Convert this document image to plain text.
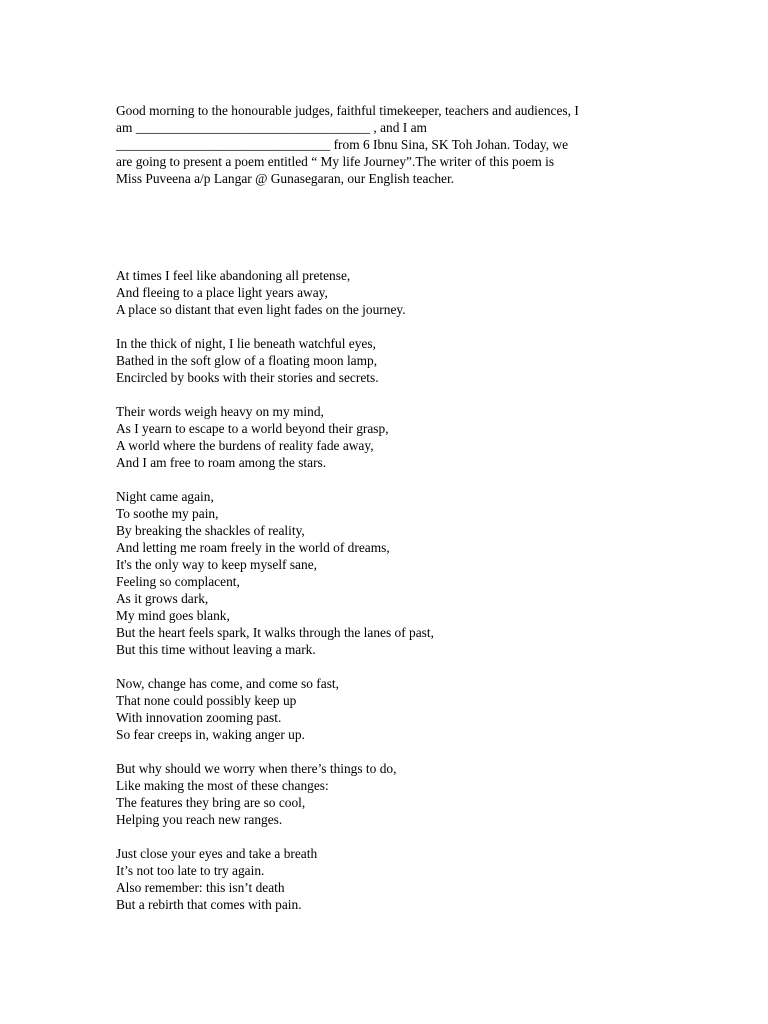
Good morning to the honourable judges, faithful timekeeper, teachers and audiences, I
am ___________________________________ , and I am
________________________________ from 6 Ibnu Sina, SK Toh Johan. Today, we
are going to present a poem entitled “ My life Journey”.The writer of this poem is
Miss Puveena a/p Langar @ Gunasegaran, our English teacher.
At times I feel like abandoning all pretense,
And fleeing to a place light years away,
A place so distant that even light fades on the journey.
In the thick of night, I lie beneath watchful eyes,
Bathed in the soft glow of a floating moon lamp,
Encircled by books with their stories and secrets.
Their words weigh heavy on my mind,
As I yearn to escape to a world beyond their grasp,
A world where the burdens of reality fade away,
And I am free to roam among the stars.
Night came again,
To soothe my pain,
By breaking the shackles of reality,
And letting me roam freely in the world of dreams,
It's the only way to keep myself sane,
Feeling so complacent,
As it grows dark,
My mind goes blank,
But the heart feels spark, It walks through the lanes of past,
But this time without leaving a mark.
Now, change has come, and come so fast,
That none could possibly keep up
With innovation zooming past.
So fear creeps in, waking anger up.
But why should we worry when there’s things to do,
Like making the most of these changes:
The features they bring are so cool,
Helping you reach new ranges.
Just close your eyes and take a breath
It’s not too late to try again.
Also remember: this isn’t death
But a rebirth that comes with pain.
